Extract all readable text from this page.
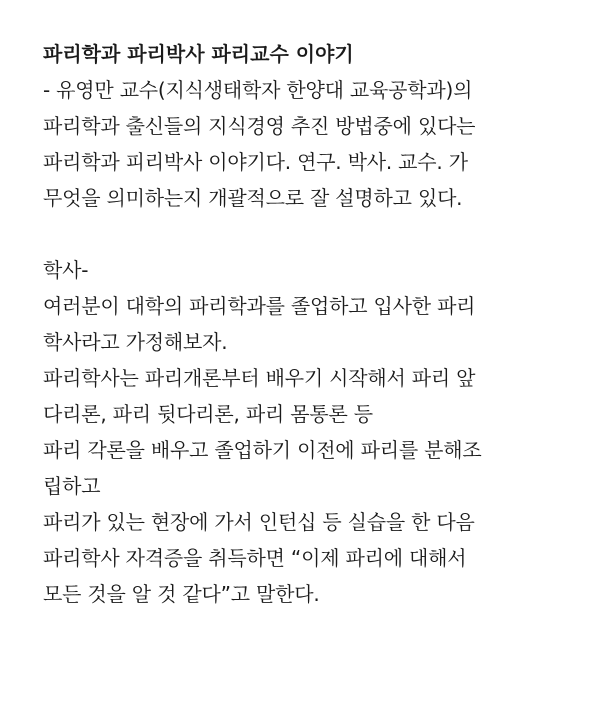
파리학과 파리박사 파리교수 이야기
- 유영만 교수(지식생태학자 한양대 교육공학과)의
파리학과 출신들의 지식경영 추진 방법중에 있다는
파리학과 피리박사 이야기다. 연구. 박사. 교수. 가
무엇을 의미하는지 개괄적으로 잘 설명하고 있다.
학사-
여러분이 대학의 파리학과를 졸업하고 입사한 파리
학사라고 가정해보자.
파리학사는 파리개론부터 배우기 시작해서 파리 앞
다리론, 파리 뒷다리론, 파리 몸통론 등
파리 각론을 배우고 졸업하기 이전에 파리를 분해조
립하고
파리가 있는 현장에 가서 인턴십 등 실습을 한 다음
파리학사 자격증을 취득하면 “이제 파리에 대해서
모든 것을 알 것 같다”고 말한다.
